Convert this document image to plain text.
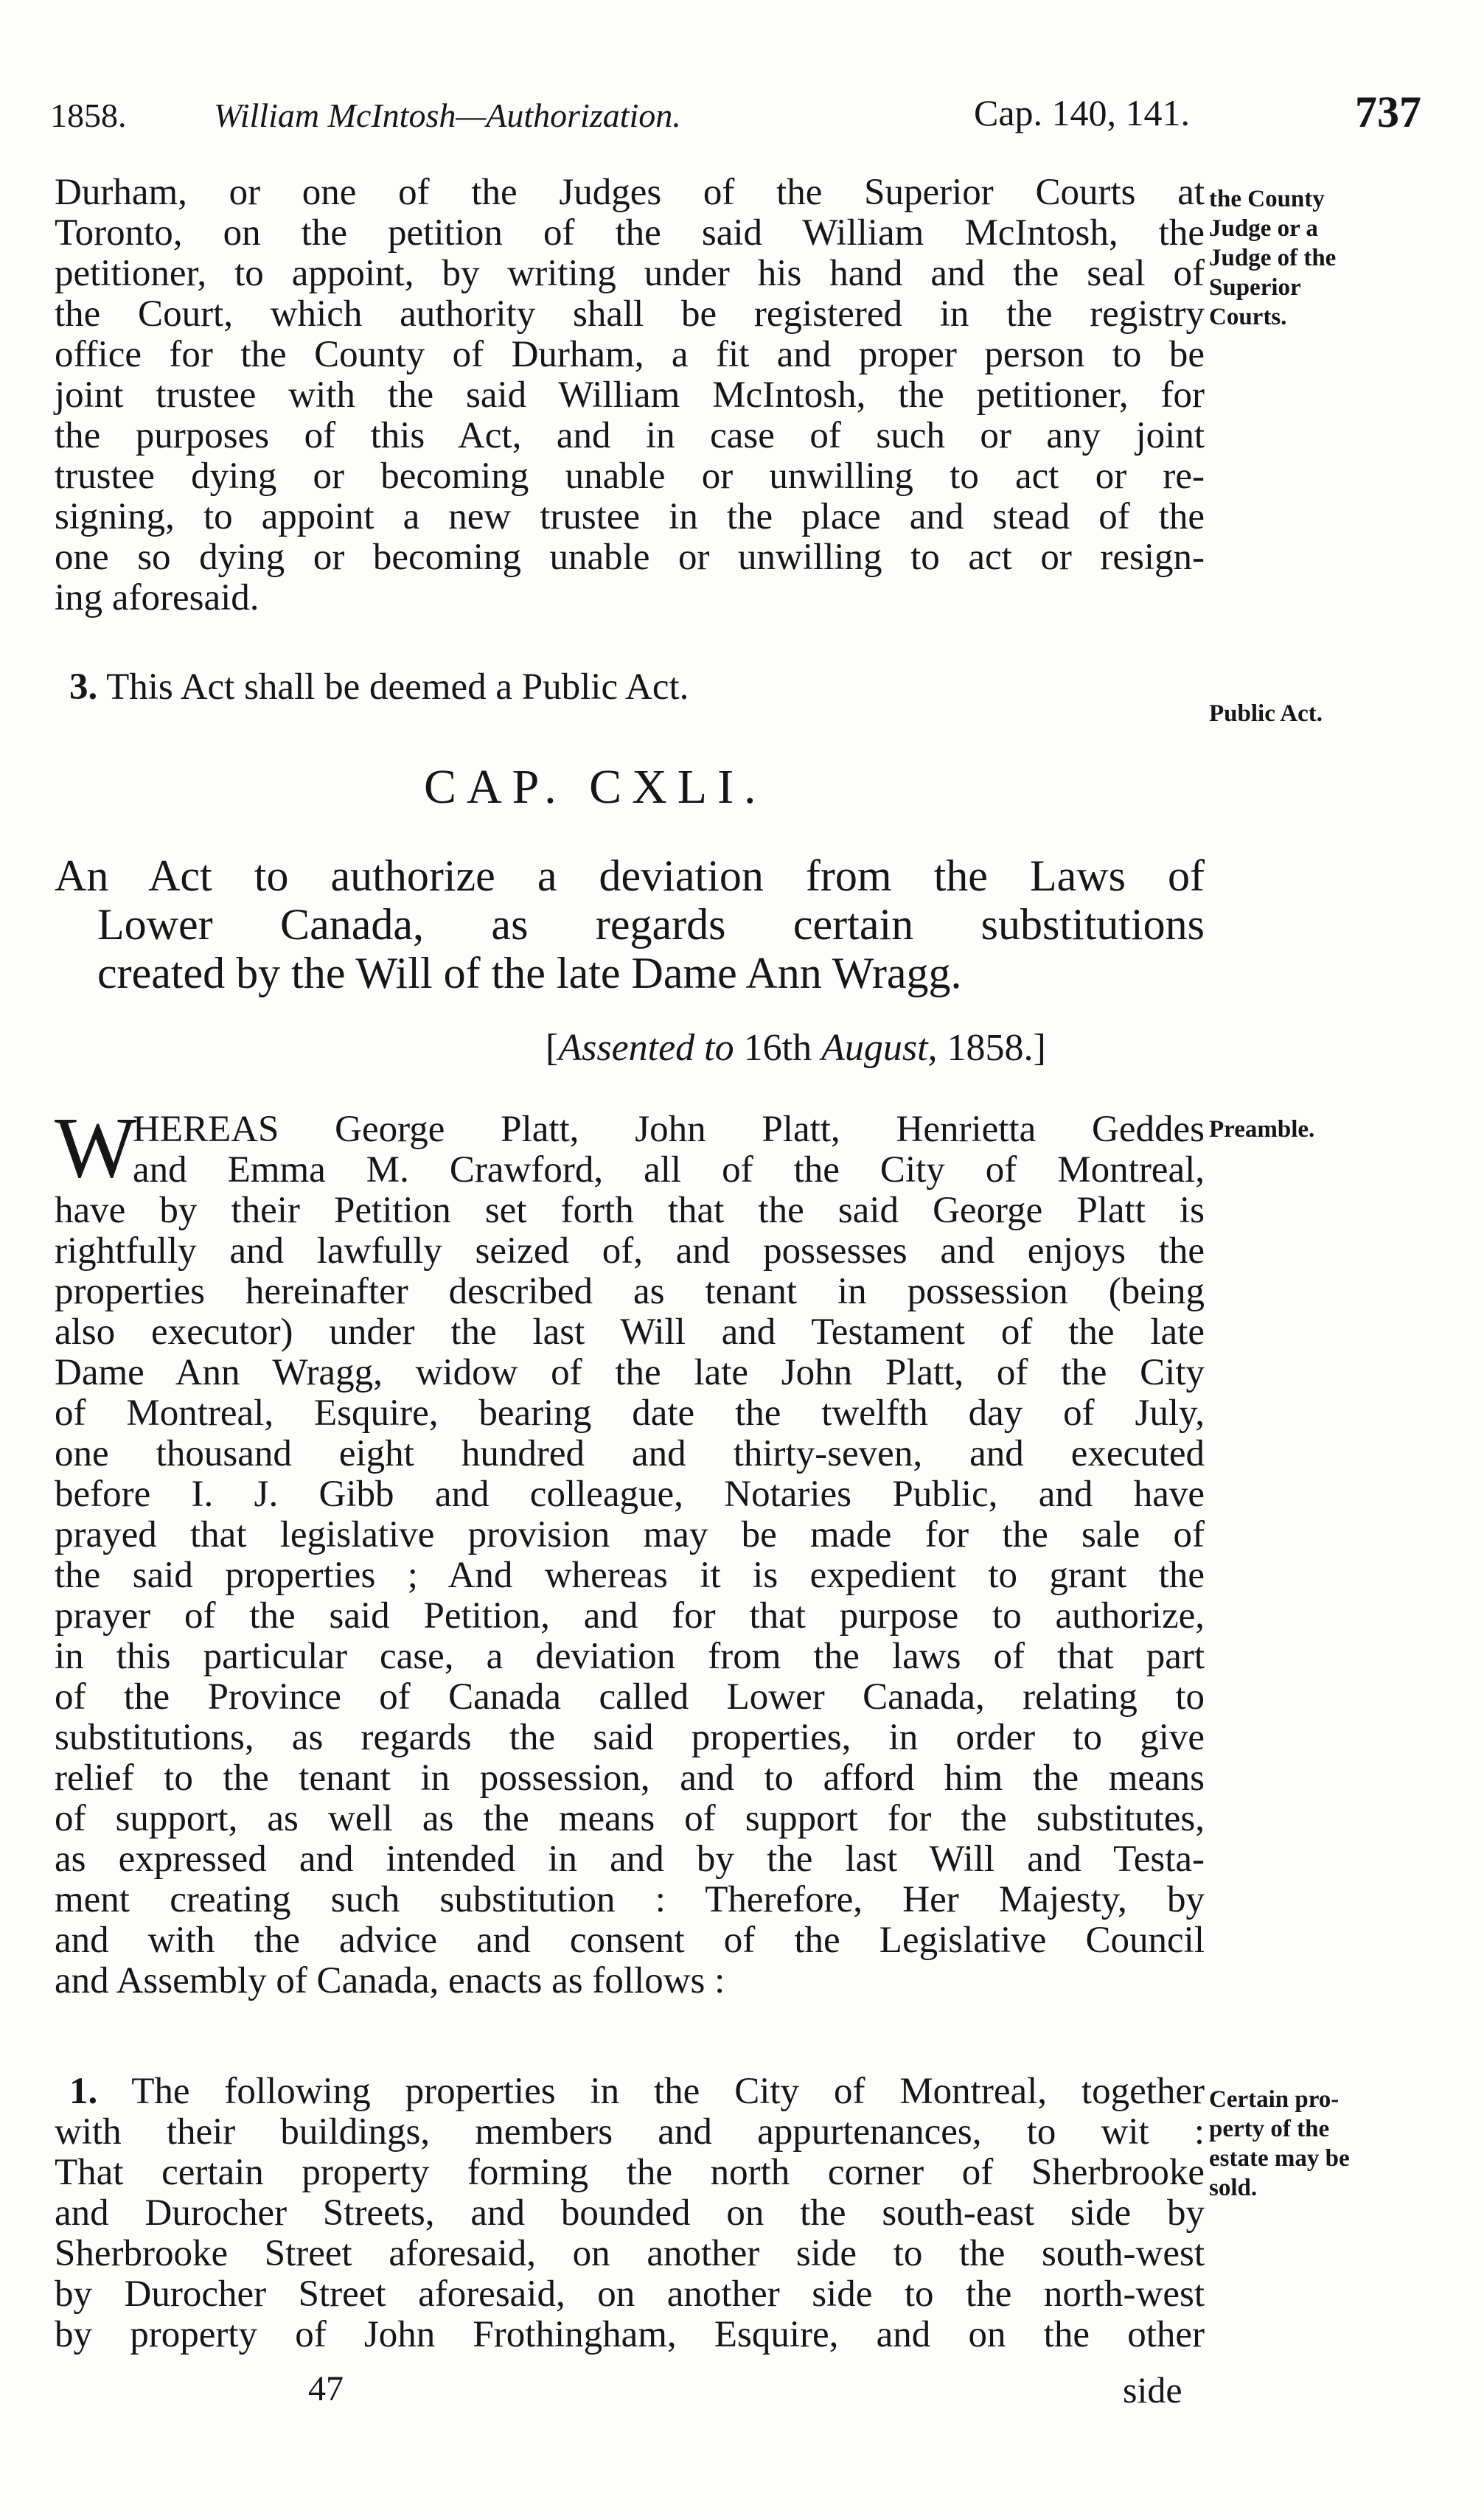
1858.	William McIntosh—Authorization.	Cap. 140, 141.	737
Durham, or one of the Judges of the Superior Courts at
Toronto, on the petition of the said William McIntosh, the
petitioner, to appoint, by writing under his hand and the seal of
the Court, which authority shall be registered in the registry
office for the County of Durham, a fit and proper person to be
joint trustee with the said William McIntosh, the petitioner, for
the purposes of this Act, and in case of such or any joint
trustee dying or becoming unable or unwilling to act or re-
signing, to appoint a new trustee in the place and stead of the
one so dying or becoming unable or unwilling to act or resign-
ing aforesaid.
the County
Judge or a
Judge of the
Superior
Courts.
3. This Act shall be deemed a Public Act.
Public Act.
CAP. CXLI.
An Act to authorize a deviation from the Laws of
Lower Canada, as regards certain substitutions
created by the Will of the late Dame Ann Wragg.
[Assented to 16th August, 1858.]
W
HEREAS George Platt, John Platt, Henrietta Geddes
and Emma M. Crawford, all of the City of Montreal,
have by their Petition set forth that the said George Platt is
rightfully and lawfully seized of, and possesses and enjoys the
properties hereinafter described as tenant in possession (being
also executor) under the last Will and Testament of the late
Dame Ann Wragg, widow of the late John Platt, of the City
of Montreal, Esquire, bearing date the twelfth day of July,
one thousand eight hundred and thirty-seven, and executed
before I. J. Gibb and colleague, Notaries Public, and have
prayed that legislative provision may be made for the sale of
the said properties ; And whereas it is expedient to grant the
prayer of the said Petition, and for that purpose to authorize,
in this particular case, a deviation from the laws of that part
of the Province of Canada called Lower Canada, relating to
substitutions, as regards the said properties, in order to give
relief to the tenant in possession, and to afford him the means
of support, as well as the means of support for the substitutes,
as expressed and intended in and by the last Will and Testa-
ment creating such substitution : Therefore, Her Majesty, by
and with the advice and consent of the Legislative Council
and Assembly of Canada, enacts as follows :
Preamble.
1. The following properties in the City of Montreal, together
with their buildings, members and appurtenances, to wit :
That certain property forming the north corner of Sherbrooke
and Durocher Streets, and bounded on the south-east side by
Sherbrooke Street aforesaid, on another side to the south-west
by Durocher Street aforesaid, on another side to the north-west
by property of John Frothingham, Esquire, and on the other
Certain pro-
perty of the
estate may be
sold.
47	side
